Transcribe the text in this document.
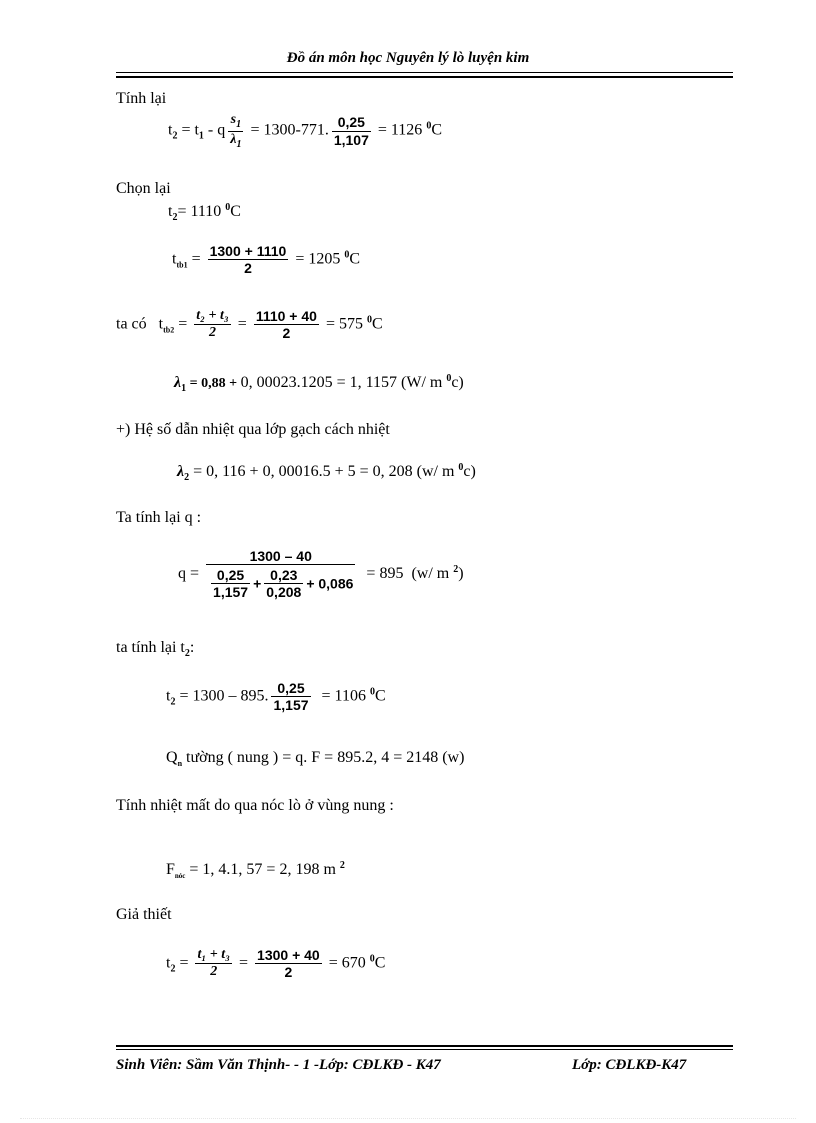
Đồ án môn học Nguyên lý lò luyện kim
Tính lại
$t_2 = t_1 - q \frac{s_1}{\lambda_1} = 1300-771$. $\frac{0,25}{1,107} = 1126$ $^0$C
Chọn lại
$t_2= 1110$ $^0$C
$t_{tb1} = \frac{1300 + 1110}{2} = 1205$ $^0$C
ta có   $t_{tb2} = \frac{\text{t₂ + t₃}}{2} = \frac{1110 + 40}{2} = 575$ $^0$C
$\lambda_1 = 0,88 + 0$, 00023.1205 = 1, 1157 (W/ m $^0$c)
+) Hệ số dẫn nhiệt qua lớp gạch cách nhiệt
$\lambda_2 = 0$, 116 + 0, 00016.5 + 5 = 0, 208 (w/ m $^0$c)
Ta tính lại q :
$q = \frac{1300 - 40}{\frac{0,25}{1,157} + \frac{0,23}{0,208} + 0,086} = 895$  (w/ m $^2$)
ta tính lại $t_2$:
$t_2 = 1300 - 895$. $\frac{0,25}{1,157} = 1106$ $^0$C
$Q_n$ tường ( nung ) = q. F = 895.2, 4 = 2148 (w)
Tính nhiệt mất do qua nóc lò ở vùng nung :
$F_{nóc} = 1$, 4.1, 57 = 2, 198 m $^2$
Giả thiết
$t_2 = \frac{\text{t₁ + t₃}}{2} = \frac{1300 + 40}{2} = 670$ $^0$C
Sinh Viên: Sầm Văn Thịnh- - 1 -Lớp: CĐLKĐ - K47	Lớp: CĐLKĐ-K47
